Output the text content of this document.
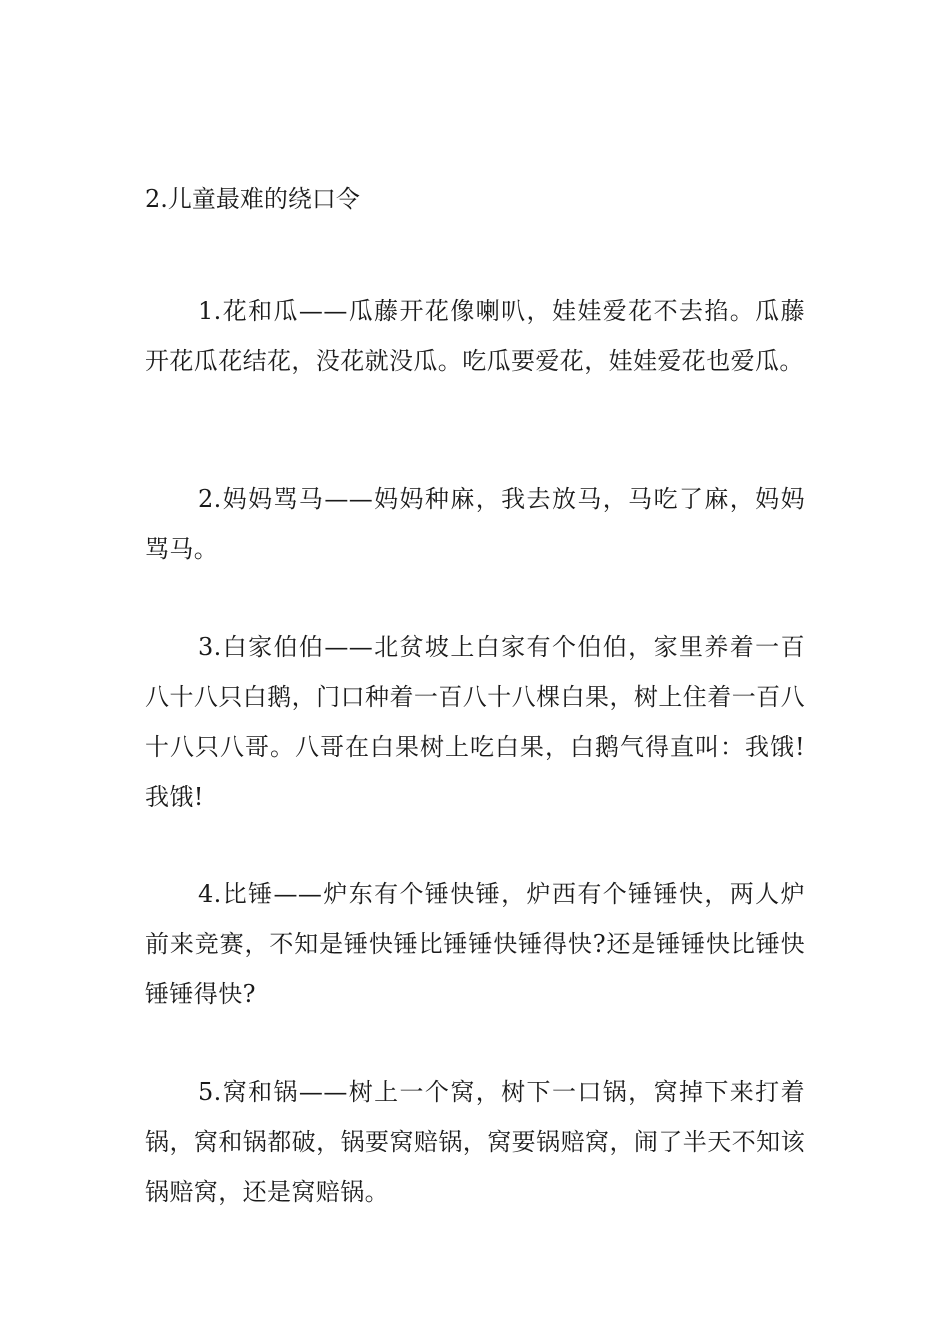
2.儿童最难的绕口令

1.花和瓜——瓜藤开花像喇叭，娃娃爱花不去掐。瓜藤开花瓜花结花，没花就没瓜。吃瓜要爱花，娃娃爱花也爱瓜。

2.妈妈骂马——妈妈种麻，我去放马，马吃了麻，妈妈骂马。

3.白家伯伯——北贫坡上白家有个伯伯，家里养着一百八十八只白鹅，门口种着一百八十八棵白果，树上住着一百八十八只八哥。八哥在白果树上吃白果，白鹅气得直叫：我饿!我饿!

4.比锤——炉东有个锤快锤，炉西有个锤锤快，两人炉前来竞赛，不知是锤快锤比锤锤快锤得快?还是锤锤快比锤快锤锤得快?

5.窝和锅——树上一个窝，树下一口锅，窝掉下来打着锅，窝和锅都破，锅要窝赔锅，窝要锅赔窝，闹了半天不知该锅赔窝，还是窝赔锅。
